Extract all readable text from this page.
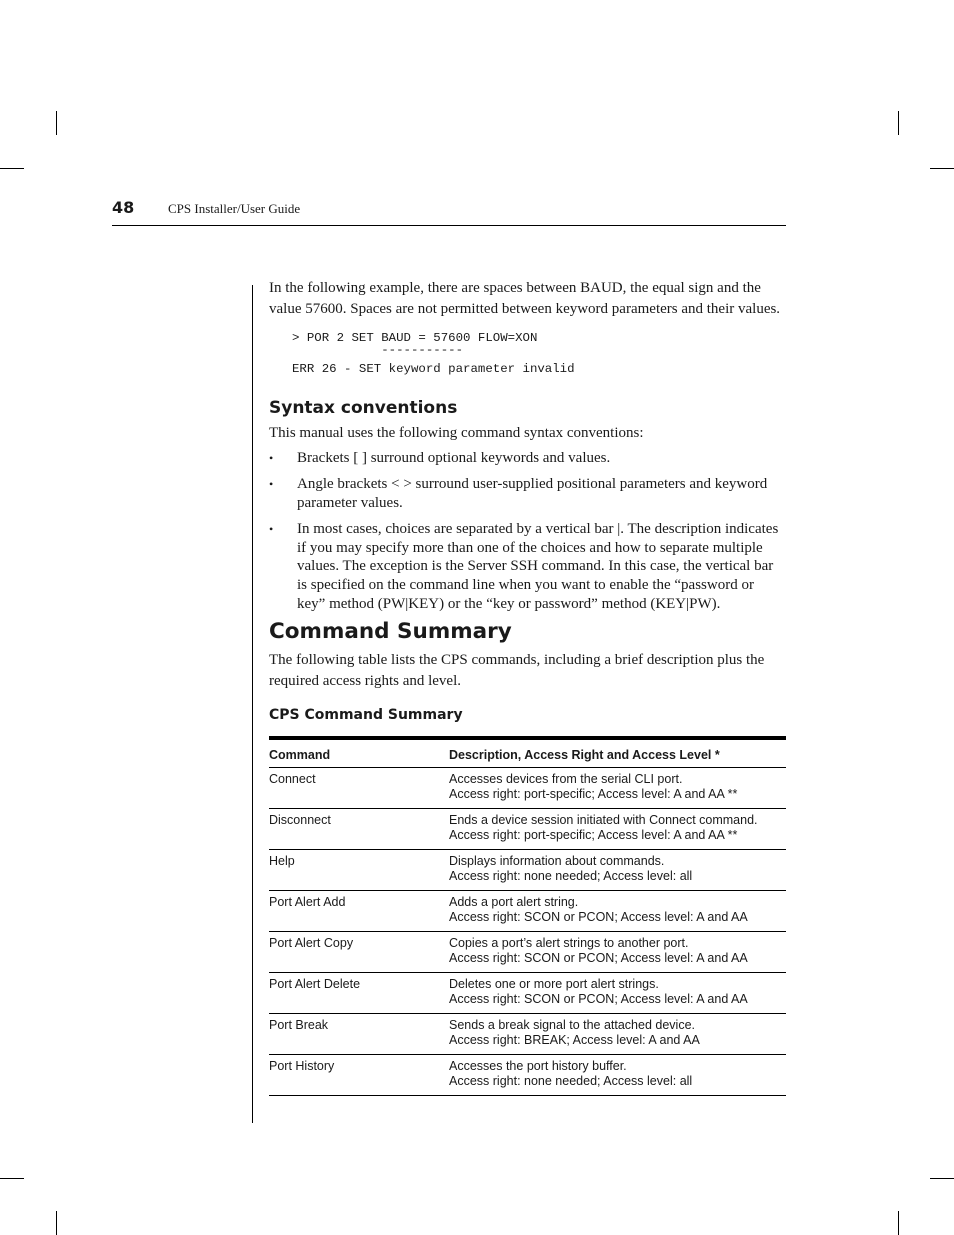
48	CPS Installer/User Guide

In the following example, there are spaces between BAUD, the equal sign and the value 57600. Spaces are not permitted between keyword parameters and their values.

> POR 2 SET BAUD = 57600 FLOW=XON
-----------
ERR 26 - SET keyword parameter invalid
Syntax conventions

This manual uses the following command syntax conventions:

• Brackets [ ] surround optional keywords and values.
• Angle brackets < > surround user-supplied positional parameters and keyword parameter values.
• In most cases, choices are separated by a vertical bar |. The description indicates if you may specify more than one of the choices and how to separate multiple values. The exception is the Server SSH command. In this case, the vertical bar is specified on the command line when you want to enable the “password or key” method (PW|KEY) or the “key or password” method (KEY|PW).
Command Summary

The following table lists the CPS commands, including a brief description plus the required access rights and level.

CPS Command Summary
Command	Description, Access Right and Access Level *
Connect	Accesses devices from the serial CLI port.
Access right: port-specific; Access level: A and AA **

Disconnect	Ends a device session initiated with Connect command.
Access right: port-specific; Access level: A and AA **

Help	Displays information about commands.
Access right: none needed; Access level: all

Port Alert Add	Adds a port alert string.
Access right: SCON or PCON; Access level: A and AA

Port Alert Copy	Copies a port’s alert strings to another port.
Access right: SCON or PCON; Access level: A and AA

Port Alert Delete	Deletes one or more port alert strings.
Access right: SCON or PCON; Access level: A and AA

Port Break	Sends a break signal to the attached device.
Access right: BREAK; Access level: A and AA

Port History	Accesses the port history buffer.
Access right: none needed; Access level: all
